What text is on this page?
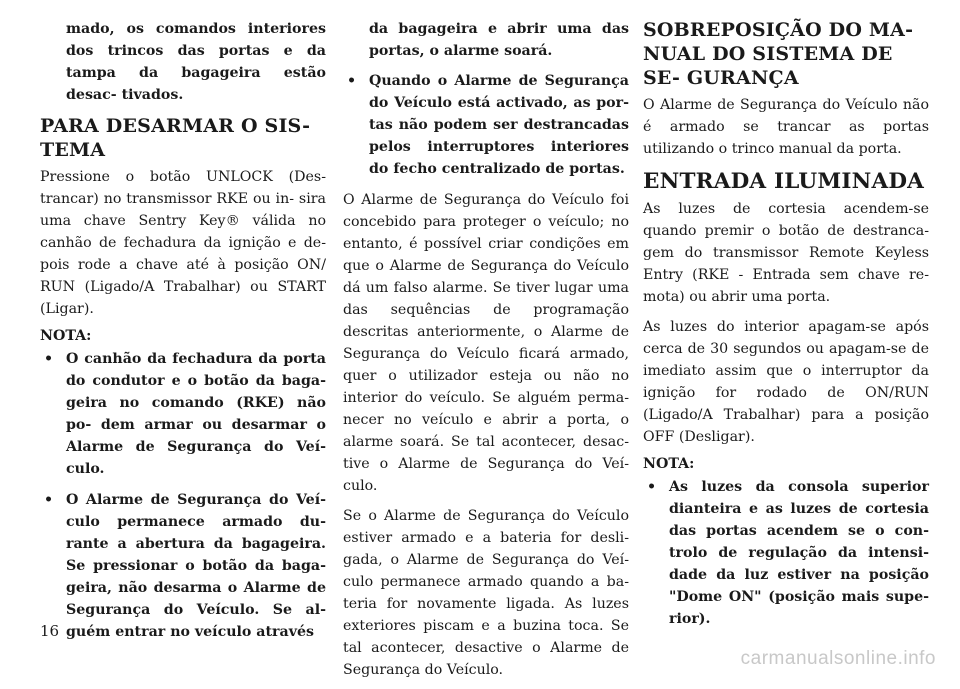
mado, os comandos interiores dos trincos das portas e da tampa da bagageira estão desac- tivados.

PARA DESARMAR O SIS- TEMA

Pressione o botão UNLOCK (Des- trancar) no transmissor RKE ou in- sira uma chave Sentry Key® válida no canhão de fechadura da ignição e de- pois rode a chave até à posição ON/ RUN (Ligado/A Trabalhar) ou START (Ligar).

NOTA:
• O canhão da fechadura da porta do condutor e o botão da baga- geira no comando (RKE) não po- dem armar ou desarmar o Alarme de Segurança do Veí- culo.
• O Alarme de Segurança do Veí- culo permanece armado du- rante a abertura da bagageira. Se pressionar o botão da baga- geira, não desarma o Alarme de Segurança do Veículo. Se al- guém entrar no veículo através

da bagageira e abrir uma das portas, o alarme soará.

• Quando o Alarme de Segurança do Veículo está activado, as por- tas não podem ser destrancadas pelos interruptores interiores do fecho centralizado de portas.

O Alarme de Segurança do Veículo foi concebido para proteger o veículo; no entanto, é possível criar condições em que o Alarme de Segurança do Veículo dá um falso alarme. Se tiver lugar uma das sequências de programação descritas anteriormente, o Alarme de Segurança do Veículo ficará armado, quer o utilizador esteja ou não no interior do veículo. Se alguém perma- necer no veículo e abrir a porta, o alarme soará. Se tal acontecer, desac- tive o Alarme de Segurança do Veí- culo.

Se o Alarme de Segurança do Veículo estiver armado e a bateria for desli- gada, o Alarme de Segurança do Veí- culo permanece armado quando a ba- teria for novamente ligada. As luzes exteriores piscam e a buzina toca. Se tal acontecer, desactive o Alarme de Segurança do Veículo.

SOBREPOSIÇÃO DO MA- NUAL DO SISTEMA DE SE- GURANÇA

O Alarme de Segurança do Veículo não é armado se trancar as portas utilizando o trinco manual da porta.

ENTRADA ILUMINADA

As luzes de cortesia acendem-se quando premir o botão de destranca- gem do transmissor Remote Keyless Entry (RKE - Entrada sem chave re- mota) ou abrir uma porta.

As luzes do interior apagam-se após cerca de 30 segundos ou apagam-se de imediato assim que o interruptor da ignição for rodado de ON/RUN (Ligado/A Trabalhar) para a posição OFF (Desligar).

NOTA:
• As luzes da consola superior dianteira e as luzes de cortesia das portas acendem se o con- trolo de regulação da intensi- dade da luz estiver na posição "Dome ON" (posição mais supe- rior).
16
carmanualsonline.info
